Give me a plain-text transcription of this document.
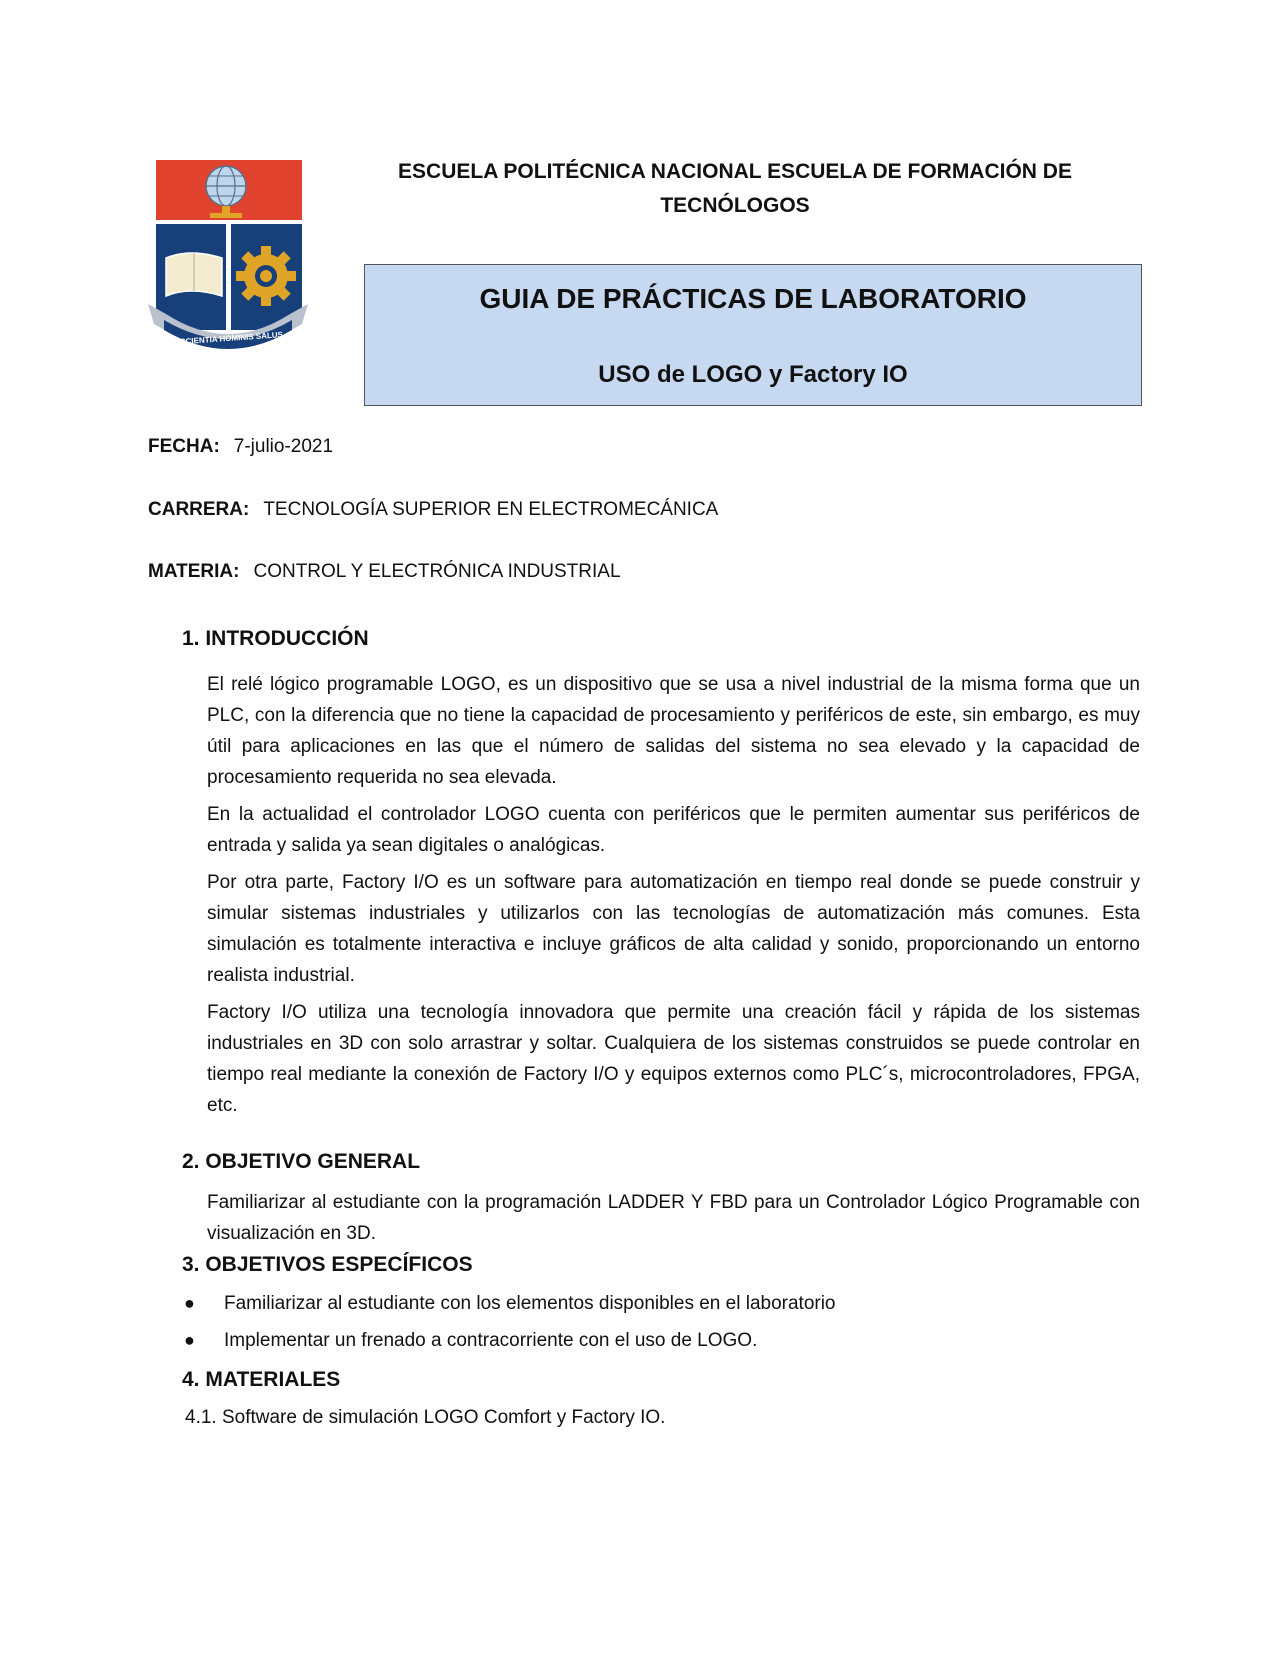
E SCIENTIA HOMINIS SALUS
ESCUELA POLITÉCNICA NACIONAL ESCUELA DE FORMACIÓN DE TECNÓLOGOS
GUIA DE PRÁCTICAS DE LABORATORIO
USO de LOGO y Factory IO
FECHA: 7-julio-2021
CARRERA: TECNOLOGÍA SUPERIOR EN ELECTROMECÁNICA
MATERIA: CONTROL Y ELECTRÓNICA INDUSTRIAL
1. INTRODUCCIÓN

El relé lógico programable LOGO, es un dispositivo que se usa a nivel industrial de la misma forma que un PLC, con la diferencia que no tiene la capacidad de procesamiento y periféricos de este, sin embargo, es muy útil para aplicaciones en las que el número de salidas del sistema no sea elevado y la capacidad de procesamiento requerida no sea elevada.

En la actualidad el controlador LOGO cuenta con periféricos que le permiten aumentar sus periféricos de entrada y salida ya sean digitales o analógicas.

Por otra parte, Factory I/O es un software para automatización en tiempo real donde se puede construir y simular sistemas industriales y utilizarlos con las tecnologías de automatización más comunes. Esta simulación es totalmente interactiva e incluye gráficos de alta calidad y sonido, proporcionando un entorno realista industrial.

Factory I/O utiliza una tecnología innovadora que permite una creación fácil y rápida de los sistemas industriales en 3D con solo arrastrar y soltar. Cualquiera de los sistemas construidos se puede controlar en tiempo real mediante la conexión de Factory I/O y equipos externos como PLC´s, microcontroladores, FPGA, etc.

2. OBJETIVO GENERAL

Familiarizar al estudiante con la programación LADDER Y FBD para un Controlador Lógico Programable con visualización en 3D.

3. OBJETIVOS ESPECÍFICOS
● Familiarizar al estudiante con los elementos disponibles en el laboratorio
● Implementar un frenado a contracorriente con el uso de LOGO.
4. MATERIALES
4.1. Software de simulación LOGO Comfort y Factory IO.
